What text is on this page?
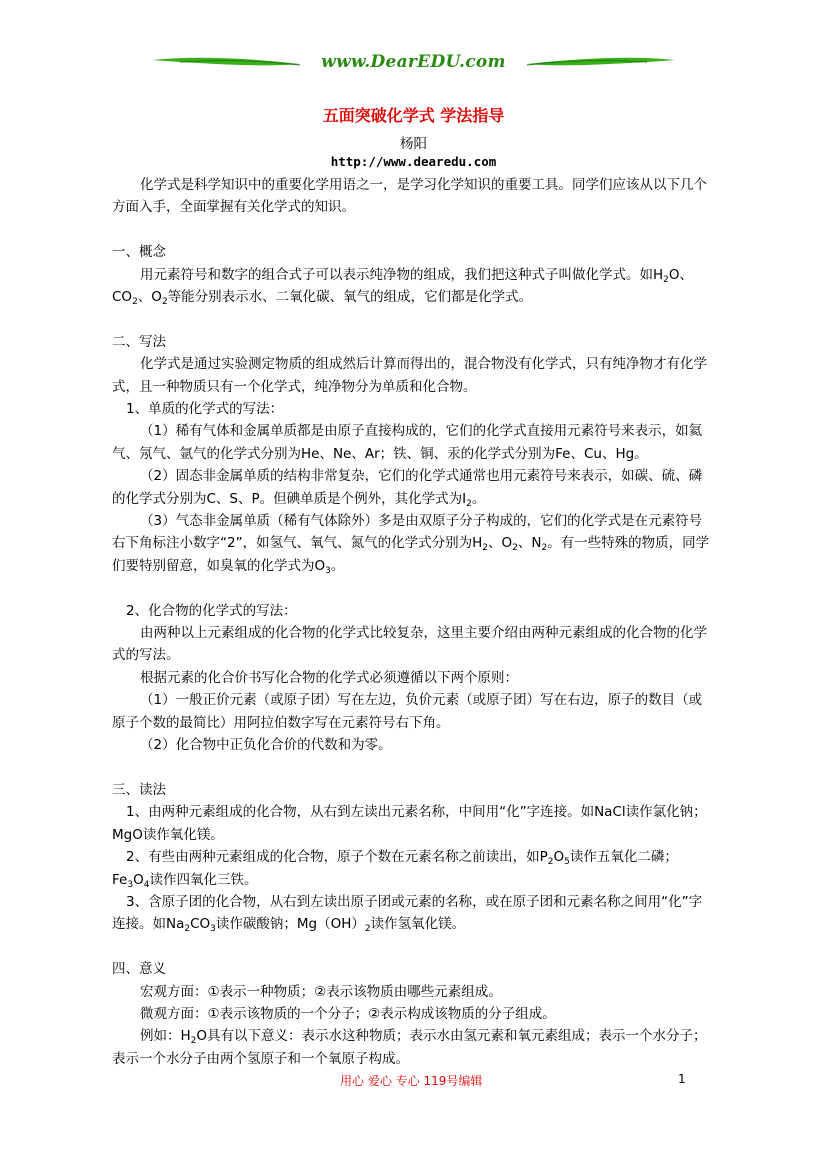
www.DearEDU.com
五面突破化学式 学法指导
杨阳
http://www.dearedu.com

化学式是科学知识中的重要化学用语之一，是学习化学知识的重要工具。同学们应该从以下几个方面入手，全面掌握有关化学式的知识。

一、概念

用元素符号和数字的组合式子可以表示纯净物的组成，我们把这种式子叫做化学式。如$H_2O$、$CO_2$、$O_2$等能分别表示水、二氧化碳、氧气的组成，它们都是化学式。

二、写法

化学式是通过实验测定物质的组成然后计算而得出的，混合物没有化学式，只有纯净物才有化学式，且一种物质只有一个化学式，纯净物分为单质和化合物。

1、单质的化学式的写法：

（1）稀有气体和金属单质都是由原子直接构成的，它们的化学式直接用元素符号来表示，如氦气、氖气、氩气的化学式分别为He、Ne、Ar；铁、铜、汞的化学式分别为Fe、Cu、Hg。

（2）固态非金属单质的结构非常复杂，它们的化学式通常也用元素符号来表示，如碳、硫、磷的化学式分别为C、S、P。但碘单质是个例外，其化学式为$I_2$。

（3）气态非金属单质（稀有气体除外）多是由双原子分子构成的，它们的化学式是在元素符号右下角标注小数字“2”，如氢气、氧气、氮气的化学式分别为$H_2$、$O_2$、$N_2$。有一些特殊的物质，同学们要特别留意，如臭氧的化学式为$O_3$。

2、化合物的化学式的写法：

由两种以上元素组成的化合物的化学式比较复杂，这里主要介绍由两种元素组成的化合物的化学式的写法。

根据元素的化合价书写化合物的化学式必须遵循以下两个原则：

（1）一般正价元素（或原子团）写在左边，负价元素（或原子团）写在右边，原子的数目（或原子个数的最简比）用阿拉伯数字写在元素符号右下角。

（2）化合物中正负化合价的代数和为零。

三、读法

1、由两种元素组成的化合物，从右到左读出元素名称，中间用“化”字连接。如NaCl读作氯化钠；MgO读作氧化镁。

2、有些由两种元素组成的化合物，原子个数在元素名称之前读出，如$P_2O_5$读作五氧化二磷；$Fe_3O_4$读作四氧化三铁。

3、含原子团的化合物，从右到左读出原子团或元素的名称，或在原子团和元素名称之间用“化”字连接。如$Na_2CO_3$读作碳酸钠；$Mg(OH)_2$读作氢氧化镁。

四、意义

宏观方面：①表示一种物质；②表示该物质由哪些元素组成。

微观方面：①表示该物质的一个分子；②表示构成该物质的分子组成。

例如：$H_2O$具有以下意义：表示水这种物质；表示水由氢元素和氧元素组成；表示一个水分子；表示一个水分子由两个氢原子和一个氧原子构成。

用心 爱心 专心 119号编辑	1
